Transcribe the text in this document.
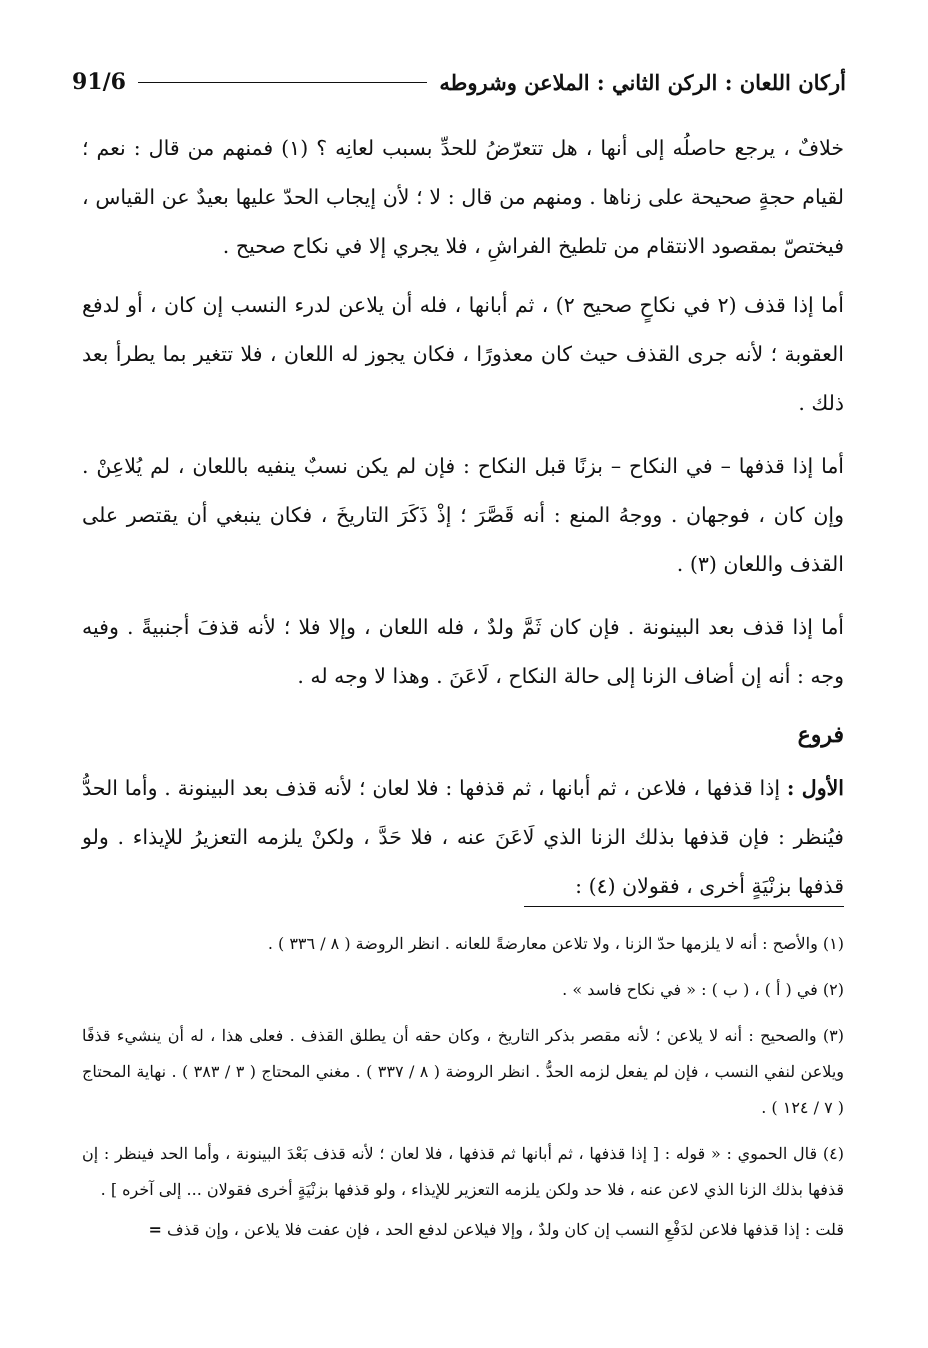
أركان اللعان : الركن الثاني : الملاعن وشروطه
91/6

خلافٌ ، يرجع حاصلُه إلى أنها ، هل تتعرّضُ للحدِّ بسبب لعانِه ؟ (١) فمنهم من قال : نعم ؛ لقيام حجةٍ صحيحة على زناها . ومنهم من قال : لا ؛ لأن إيجاب الحدّ عليها بعيدٌ عن القياس ، فيختصّ بمقصود الانتقام من تلطيخ الفراشِ ، فلا يجري إلا في نكاح صحيح .

أما إذا قذف (٢ في نكاحٍ صحيح ٢) ، ثم أبانها ، فله أن يلاعن لدرء النسب إن كان ، أو لدفع العقوبة ؛ لأنه جرى القذف حيث كان معذورًا ، فكان يجوز له اللعان ، فلا تتغير بما يطرأ بعد ذلك .

أما إذا قذفها – في النكاح – بزنًا قبل النكاح : فإن لم يكن نسبٌ ينفيه باللعان ، لم يُلاعِنْ . وإن كان ، فوجهان . ووجهُ المنع : أنه قَصَّرَ ؛ إذْ ذَكَرَ التاريخَ ، فكان ينبغي أن يقتصر على القذف واللعان (٣) .

أما إذا قذف بعد البينونة . فإن كان ثَمَّ ولدٌ ، فله اللعان ، وإلا فلا ؛ لأنه قذفَ أجنبيةً . وفيه وجه : أنه إن أضاف الزنا إلى حالة النكاح ، لَاعَنَ . وهذا لا وجه له .

فروع

الأول : إذا قذفها ، فلاعن ، ثم أبانها ، ثم قذفها : فلا لعان ؛ لأنه قذف بعد البينونة . وأما الحدُّ فيُنظر : فإن قذفها بذلك الزنا الذي لَاعَنَ عنه ، فلا حَدَّ ، ولكنْ يلزمه التعزيرُ للإيذاء . ولو قذفها بزنْيَةٍ أخرى ، فقولان (٤) :

(١) والأصح : أنه لا يلزمها حدّ الزنا ، ولا تلاعن معارضةً للعانه . انظر الروضة ( ٨ / ٣٣٦ ) .

(٢) في ( أ ) ، ( ب ) : « في نكاح فاسد » .

(٣) والصحيح : أنه لا يلاعن ؛ لأنه مقصر بذكر التاريخ ، وكان حقه أن يطلق القذف . فعلى هذا ، له أن ينشيء قذفًا ويلاعن لنفي النسب ، فإن لم يفعل لزمه الحدُّ . انظر الروضة ( ٨ / ٣٣٧ ) . مغني المحتاج ( ٣ / ٣٨٣ ) . نهاية المحتاج ( ٧ / ١٢٤ ) .

(٤) قال الحموي : « قوله : [ إذا قذفها ، ثم أبانها ثم قذفها ، فلا لعان ؛ لأنه قذف بَعْدَ البينونة ، وأما الحد فينظر : إن قذفها بذلك الزنا الذي لاعن عنه ، فلا حد ولكن يلزمه التعزير للإيذاء ، ولو قذفها بزنْيَةٍ أخرى فقولان ... إلى آخره ] .

قلت : إذا قذفها فلاعن لدَفْعِ النسب إن كان ولدٌ ، وإلا فيلاعن لدفع الحد ، فإن عفت فلا يلاعن ، وإن قذف =
